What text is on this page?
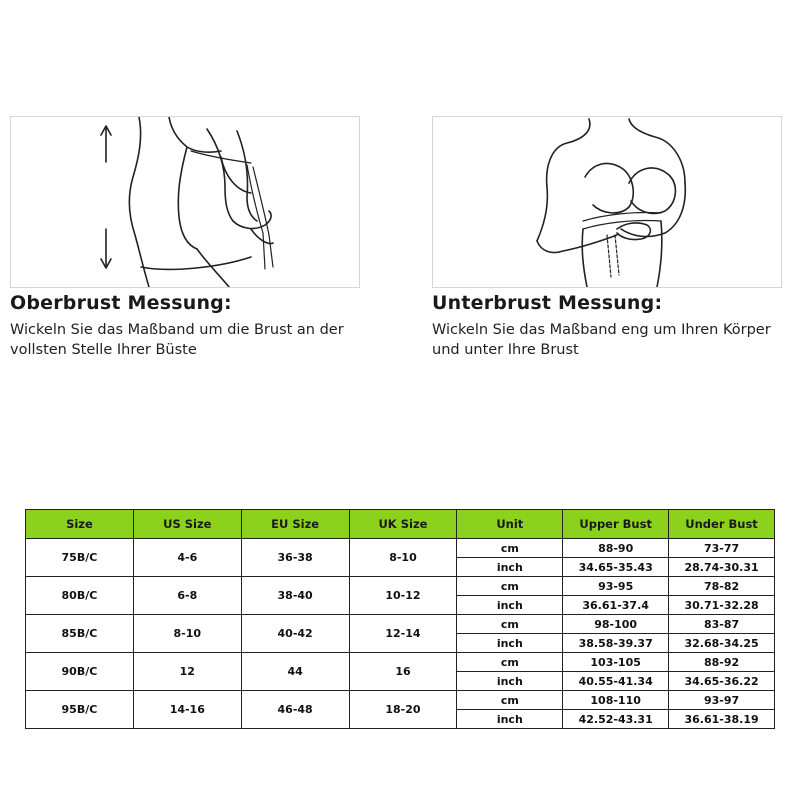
Oberbrust Messung:
Wickeln Sie das Maßband um die Brust an der vollsten Stelle Ihrer Büste
Unterbrust Messung:
Wickeln Sie das Maßband eng um Ihren Körper und unter Ihre Brust
Size	US Size	EU Size	UK Size	Unit	Upper Bust	Under Bust
75B/C	4-6	36-38	8-10	cm	88-90	73-77
				inch	34.65-35.43	28.74-30.31
80B/C	6-8	38-40	10-12	cm	93-95	78-82
				inch	36.61-37.4	30.71-32.28
85B/C	8-10	40-42	12-14	cm	98-100	83-87
				inch	38.58-39.37	32.68-34.25
90B/C	12	44	16	cm	103-105	88-92
				inch	40.55-41.34	34.65-36.22
95B/C	14-16	46-48	18-20	cm	108-110	93-97
				inch	42.52-43.31	36.61-38.19
